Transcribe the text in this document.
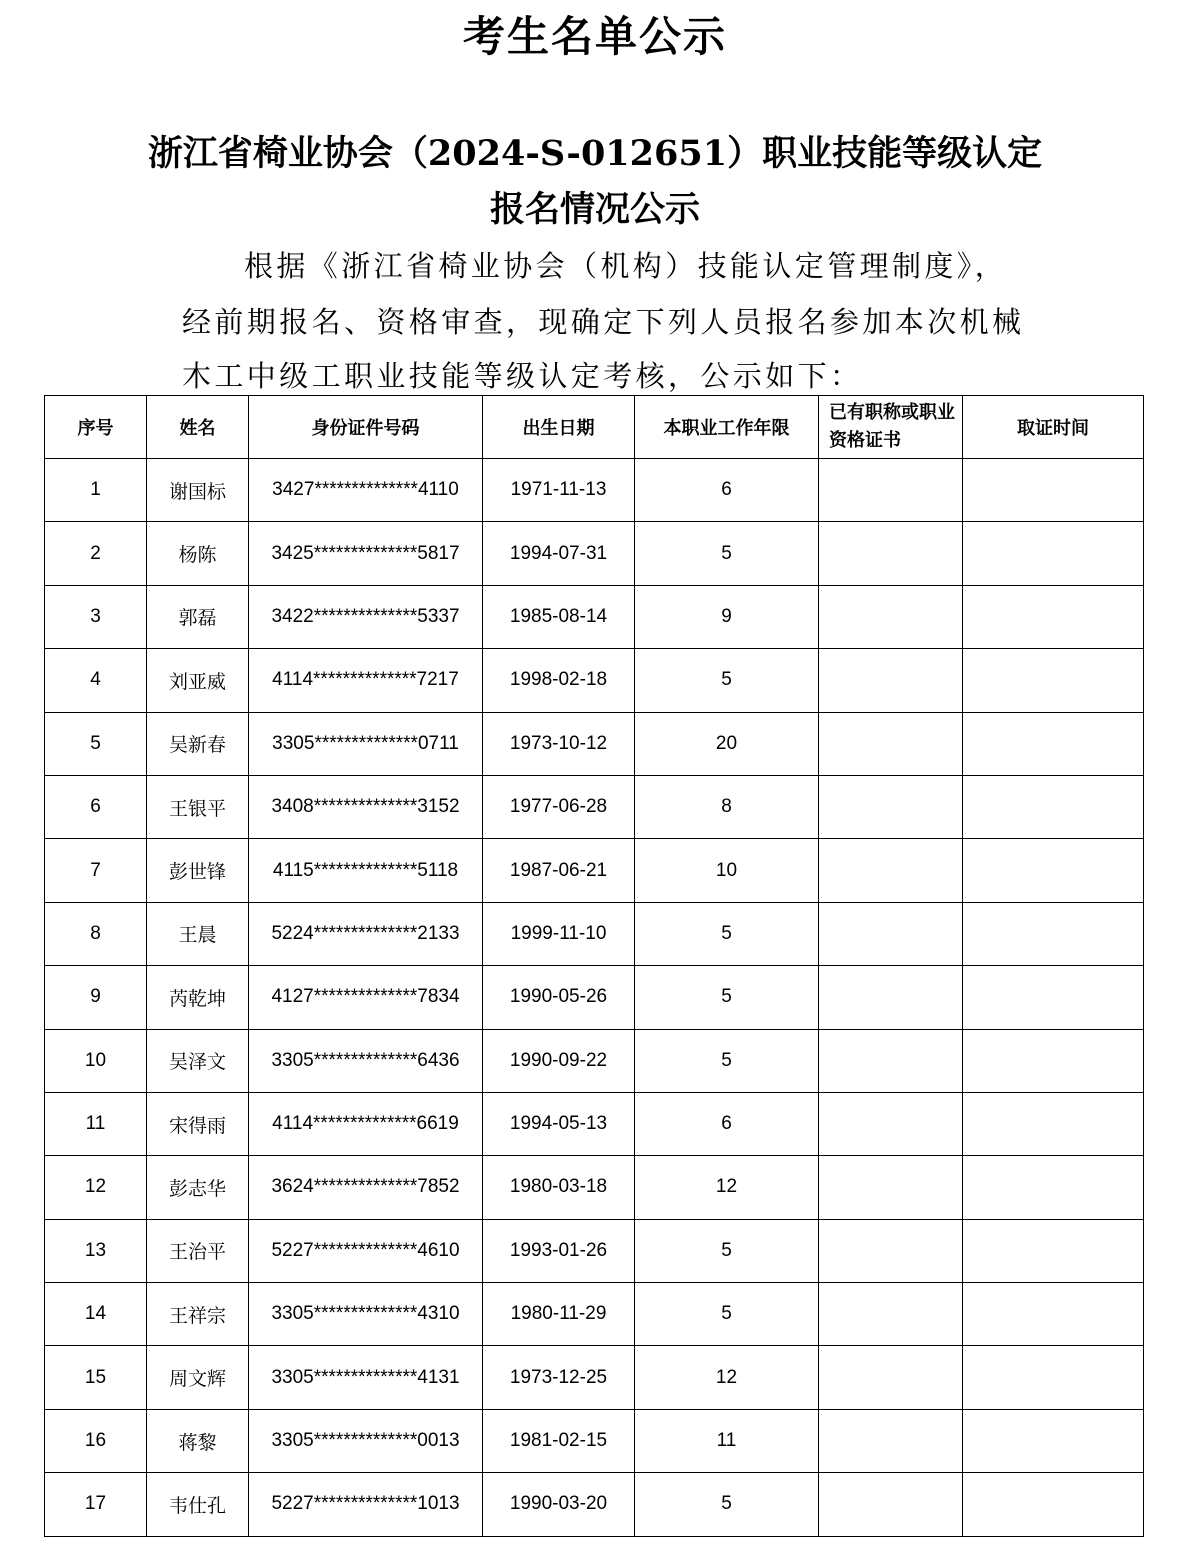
考生名单公示
浙江省椅业协会（2024-S-012651）职业技能等级认定
报名情况公示

根据《浙江省椅业协会（机构）技能认定管理制度》，

经前期报名、资格审查，现确定下列人员报名参加本次机械

木工中级工职业技能等级认定考核，公示如下：

序号	姓名	身份证件号码	出生日期	本职业工作年限	已有职称或职业资格证书	取证时间
1	谢国标	3427**************4110	1971-11-13	6		
2	杨陈	3425**************5817	1994-07-31	5		
3	郭磊	3422**************5337	1985-08-14	9		
4	刘亚威	4114**************7217	1998-02-18	5		
5	吴新春	3305**************0711	1973-10-12	20		
6	王银平	3408**************3152	1977-06-28	8		
7	彭世锋	4115**************5118	1987-06-21	10		
8	王晨	5224**************2133	1999-11-10	5		
9	芮乾坤	4127**************7834	1990-05-26	5		
10	吴泽文	3305**************6436	1990-09-22	5		
11	宋得雨	4114**************6619	1994-05-13	6		
12	彭志华	3624**************7852	1980-03-18	12		
13	王治平	5227**************4610	1993-01-26	5		
14	王祥宗	3305**************4310	1980-11-29	5		
15	周文辉	3305**************4131	1973-12-25	12		
16	蒋黎	3305**************0013	1981-02-15	11		
17	韦仕孔	5227**************1013	1990-03-20	5		
